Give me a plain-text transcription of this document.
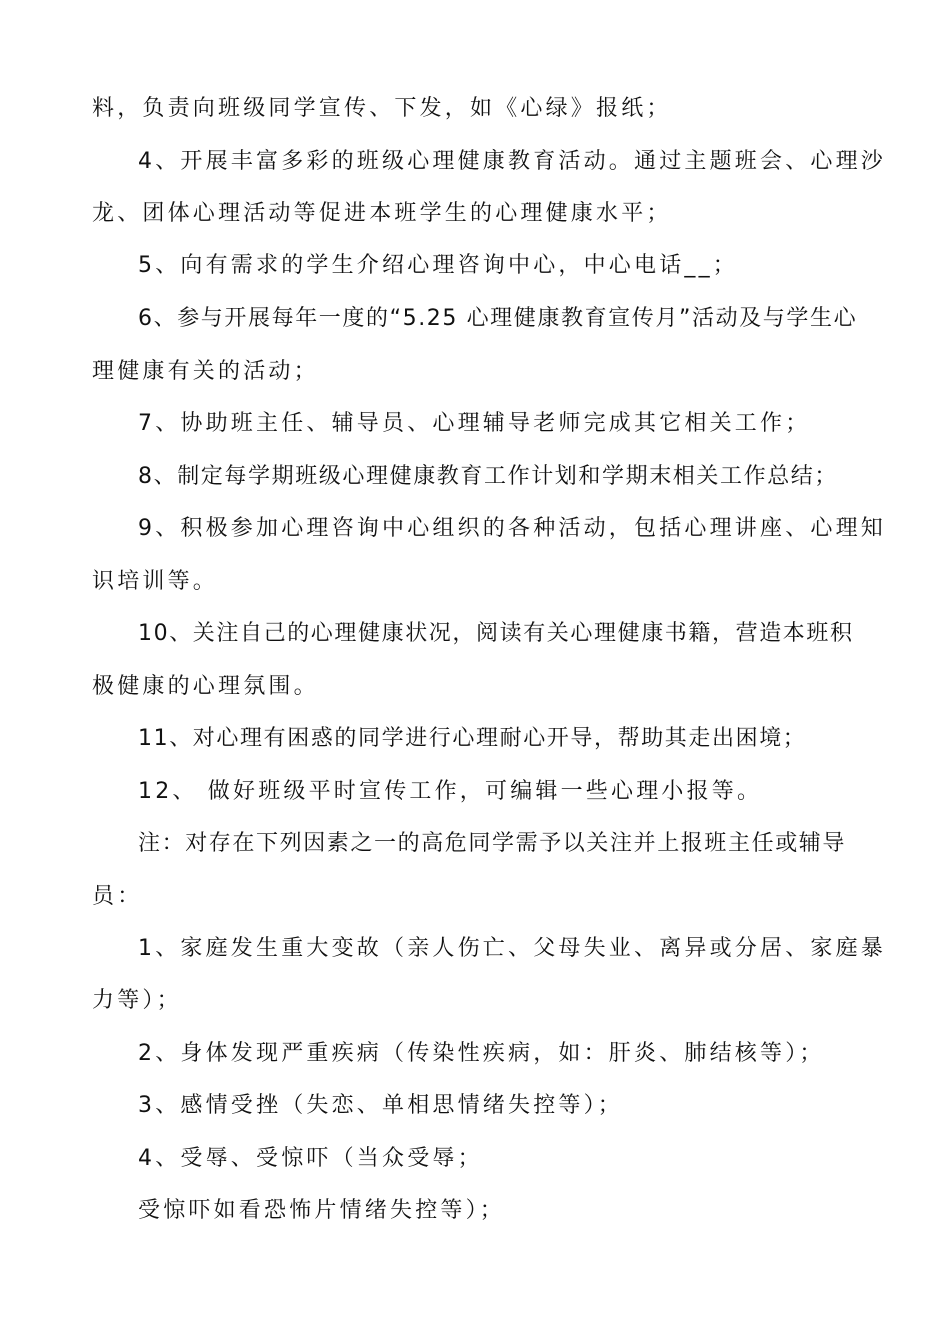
料，负责向班级同学宣传、下发，如《心绿》报纸；
4、开展丰富多彩的班级心理健康教育活动。通过主题班会、心理沙
龙、团体心理活动等促进本班学生的心理健康水平；
5、向有需求的学生介绍心理咨询中心，中心电话__；
6、参与开展每年一度的“5.25 心理健康教育宣传月”活动及与学生心
理健康有关的活动；
7、协助班主任、辅导员、心理辅导老师完成其它相关工作；
8、制定每学期班级心理健康教育工作计划和学期末相关工作总结；
9、积极参加心理咨询中心组织的各种活动，包括心理讲座、心理知
识培训等。
10、关注自己的心理健康状况，阅读有关心理健康书籍，营造本班积
极健康的心理氛围。
11、对心理有困惑的同学进行心理耐心开导，帮助其走出困境；
12、 做好班级平时宣传工作，可编辑一些心理小报等。
注：对存在下列因素之一的高危同学需予以关注并上报班主任或辅导
员：
1、家庭发生重大变故（亲人伤亡、父母失业、离异或分居、家庭暴
力等）；
2、身体发现严重疾病（传染性疾病，如：肝炎、肺结核等）；
3、感情受挫（失恋、单相思情绪失控等）；
4、受辱、受惊吓（当众受辱；
受惊吓如看恐怖片情绪失控等）；
